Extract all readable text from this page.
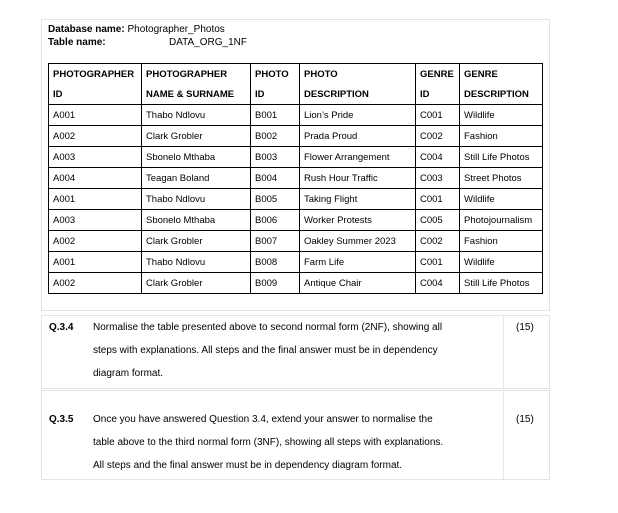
Database name:
Photographer_Photos
Table name:	DATA_ORG_1NF
PHOTOGRAPHER	PHOTOGRAPHER	PHOTO	PHOTO	GENRE	GENRE
ID	NAME & SURNAME	ID	DESCRIPTION	ID	DESCRIPTION
A001	Thabo Ndlovu	B001	Lion’s Pride	C001	Wildlife
A002	Clark Grobler	B002	Prada Proud	C002	Fashion
A003	Sbonelo Mthaba	B003	Flower Arrangement	C004	Still Life Photos
A004	Teagan Boland	B004	Rush Hour Traffic	C003	Street Photos
A001	Thabo Ndlovu	B005	Taking Flight	C001	Wildlife
A003	Sbonelo Mthaba	B006	Worker Protests	C005	Photojournalism
A002	Clark Grobler	B007	Oakley Summer 2023	C002	Fashion
A001	Thabo Ndlovu	B008	Farm Life	C001	Wildlife
A002	Clark Grobler	B009	Antique Chair	C004	Still Life Photos
Q.3.4 Normalise the table presented above to second normal form (2NF), showing all
steps with explanations. All steps and the final answer must be in dependency
diagram format.
(15)
Q.3.5 Once you have answered Question 3.4, extend your answer to normalise the
table above to the third normal form (3NF), showing all steps with explanations.
All steps and the final answer must be in dependency diagram format.
(15)
